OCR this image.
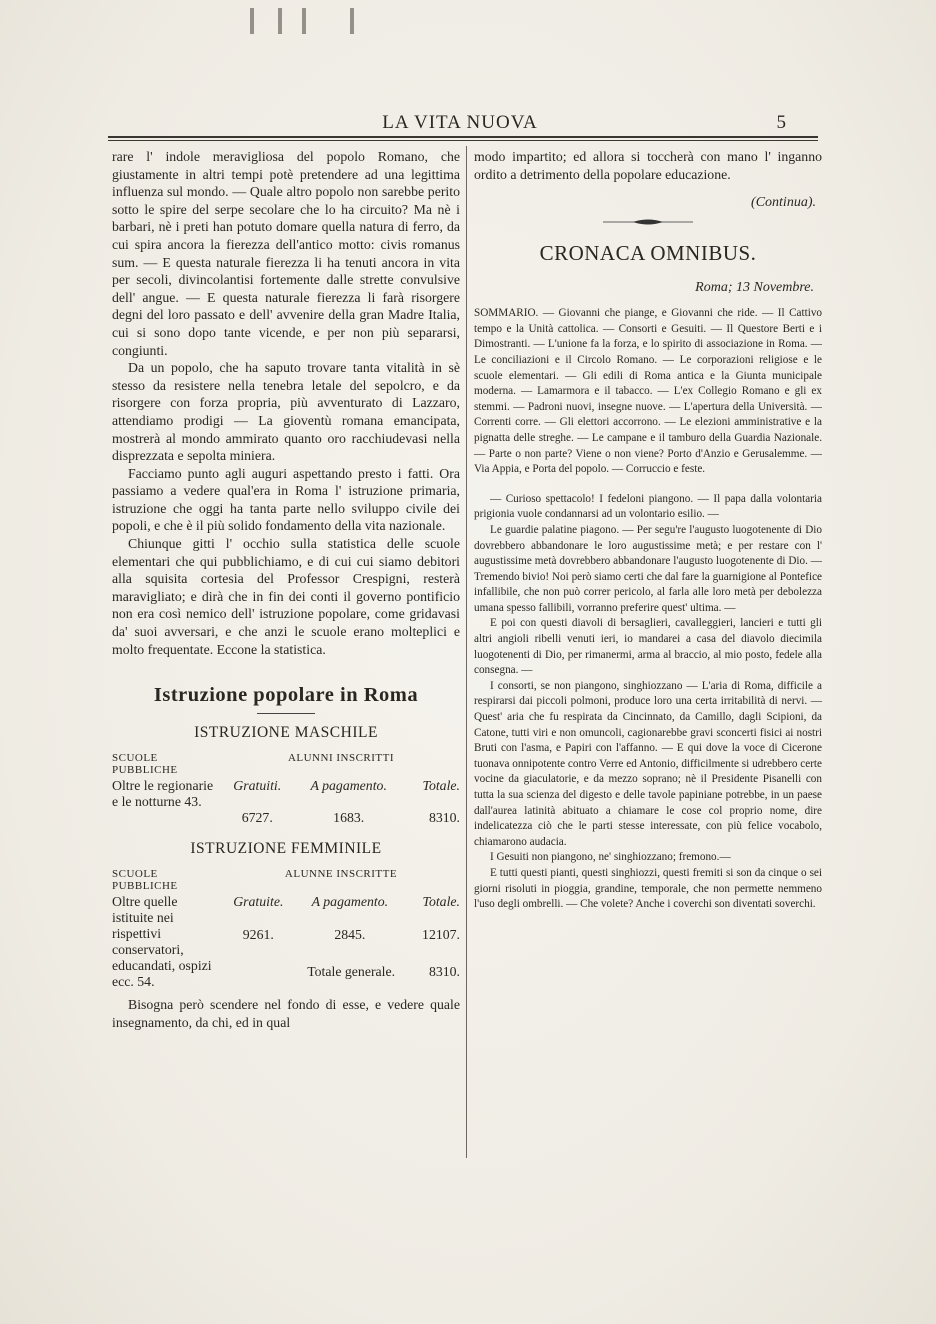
LA VITA NUOVA	5

rare l' indole meravigliosa del popolo Romano, che giustamente in altri tempi potè pretendere ad una legittima influenza sul mondo. — Quale altro popolo non sarebbe perito sotto le spire del serpe secolare che lo ha circuito? Ma nè i barbari, nè i preti han potuto domare quella natura di ferro, da cui spira ancora la fierezza dell'antico motto: civis romanus sum. — E questa naturale fierezza li ha tenuti ancora in vita per secoli, divincolantisi fortemente dalle strette convulsive dell' angue. — E questa naturale fierezza li farà risorgere degni del loro passato e dell' avvenire della gran Madre Italia, cui si sono dopo tante vicende, e per non più separarsi, congiunti.

Da un popolo, che ha saputo trovare tanta vitalità in sè stesso da resistere nella tenebra letale del sepolcro, e da risorgere con forza propria, più avventurato di Lazzaro, attendiamo prodigi — La gioventù romana emancipata, mostrerà al mondo ammirato quanto oro racchiudevasi nella disprezzata e sepolta miniera.

Facciamo punto agli auguri aspettando presto i fatti. Ora passiamo a vedere qual'era in Roma l' istruzione primaria, istruzione che oggi ha tanta parte nello sviluppo civile dei popoli, e che è il più solido fondamento della vita nazionale.

Chiunque gitti l' occhio sulla statistica delle scuole elementari che qui pubblichiamo, e di cui cui siamo debitori alla squisita cortesia del Professor Crespigni, resterà maravigliato; e dirà che in fin dei conti il governo pontificio non era così nemico dell' istruzione popolare, come gridavasi da' suoi avversari, e che anzi le scuole erano molteplici e molto frequentate. Eccone la statistica.

Istruzione popolare in Roma
ISTRUZIONE MASCHILE
SCUOLE PUBBLICHE	ALUNNI INSCRITTI		
Oltre le regionarie e le notturne 43.	Gratuiti.	A pagamento.	Totale.
	6727.	1683.	8310.
ISTRUZIONE FEMMINILE
SCUOLE PUBBLICHE	ALUNNE INSCRITTE		
Oltre quelle istituite nei rispettivi conservatori, educandati, ospizi ecc. 54.	Gratuite.	A pagamento.	Totale.
	9261.	2845.	12107.
	Totale generale.		8310.

Bisogna però scendere nel fondo di esse, e vedere quale insegnamento, da chi, ed in qual

modo impartito; ed allora si toccherà con mano l' inganno ordito a detrimento della popolare educazione.

(Continua).
CRONACA OMNIBUS.
Roma; 13 Novembre.

SOMMARIO. — Giovanni che piange, e Giovanni che ride. — Il Cattivo tempo e la Unità cattolica. — Consorti e Gesuiti. — Il Questore Berti e i Dimostranti. — L'unione fa la forza, e lo spirito di associazione in Roma. — Le conciliazioni e il Circolo Romano. — Le corporazioni religiose e le scuole elementari. — Gli edili di Roma antica e la Giunta municipale moderna. — Lamarmora e il tabacco. — L'ex Collegio Romano e gli ex stemmi. — Padroni nuovi, insegne nuove. — L'apertura della Università. — Correnti corre. — Gli elettori accorrono. — Le elezioni amministrative e la pignatta delle streghe. — Le campane e il tamburo della Guardia Nazionale. — Parte o non parte? Viene o non viene? Porto d'Anzio e Gerusalemme. — Via Appia, e Porta del popolo. — Corruccio e feste.

— Curioso spettacolo! I fedeloni piangono. — Il papa dalla volontaria prigionia vuole condannarsi ad un volontario esilio. —

Le guardie palatine piagono. — Per segu're l'augusto luogotenente di Dio dovrebbero abbandonare le loro augustissime metà; e per restare con l' augustissime metà dovrebbero abbandonare l'augusto luogotenente di Dio. — Tremendo bivio! Noi però siamo certi che dal fare la guarnigione al Pontefice infallibile, che non può correr pericolo, al farla alle loro metà per debolezza umana spesso fallibili, vorranno preferire quest' ultima. —

E poi con questi diavoli di bersaglieri, cavalleggieri, lancieri e tutti gli altri angioli ribelli venuti ieri, io mandarei a casa del diavolo diecimila luogotenenti di Dio, per rimanermi, arma al braccio, al mio posto, fedele alla consegna. —

I consorti, se non piangono, singhiozzano — L'aria di Roma, difficile a respirarsi dai piccoli polmoni, produce loro una certa irritabilità di nervi. — Quest' aria che fu respirata da Cincinnato, da Camillo, dagli Scipioni, da Catone, tutti viri e non omuncoli, cagionarebbe gravi sconcerti fisici ai nostri Bruti con l'asma, e Papiri con l'affanno. — E qui dove la voce di Cicerone tuonava onnipotente contro Verre ed Antonio, difficilmente si udrebbero certe vocine da giaculatorie, e da mezzo soprano; nè il Presidente Pisanelli con tutta la sua scienza del digesto e delle tavole papiniane potrebbe, in un paese dall'aurea latinità abituato a chiamare le cose col proprio nome, dire indelicatezza ciò che le parti stesse interessate, con più felice vocabolo, chiamarono audacia.

I Gesuiti non piangono, ne' singhiozzano; fremono.—

E tutti questi pianti, questi singhiozzi, questi fremiti si son da cinque o sei giorni risoluti in pioggia, grandine, temporale, che non permette nemmeno l'uso degli ombrelli. — Che volete? Anche i coverchi son diventati soverchi.
